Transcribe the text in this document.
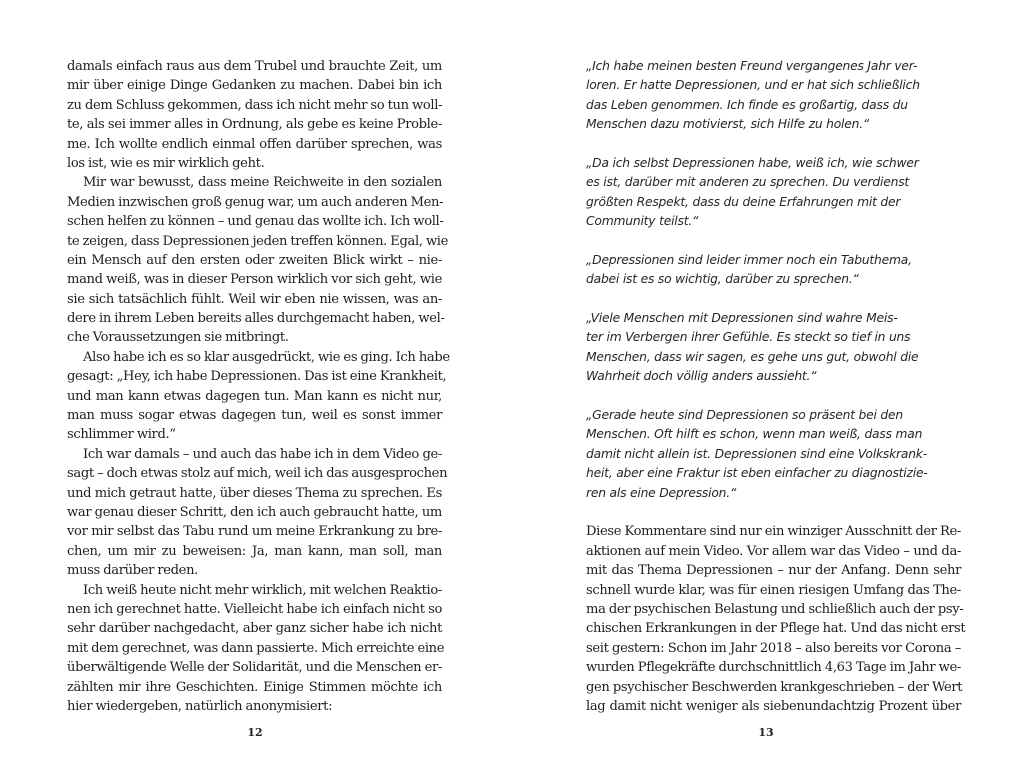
damals einfach raus aus dem Trubel und brauchte Zeit, um
mir über einige Dinge Gedanken zu machen. Dabei bin ich
zu dem Schluss gekommen, dass ich nicht mehr so tun woll-
te, als sei immer alles in Ordnung, als gebe es keine Proble-
me. Ich wollte endlich einmal offen darüber sprechen, was
los ist, wie es mir wirklich geht.
Mir war bewusst, dass meine Reichweite in den sozialen
Medien inzwischen groß genug war, um auch anderen Men-
schen helfen zu können – und genau das wollte ich. Ich woll-
te zeigen, dass Depressionen jeden treffen können. Egal, wie
ein Mensch auf den ersten oder zweiten Blick wirkt – nie-
mand weiß, was in dieser Person wirklich vor sich geht, wie
sie sich tatsächlich fühlt. Weil wir eben nie wissen, was an-
dere in ihrem Leben bereits alles durchgemacht haben, wel-
che Voraussetzungen sie mitbringt.
Also habe ich es so klar ausgedrückt, wie es ging. Ich habe
gesagt: „Hey, ich habe Depressionen. Das ist eine Krankheit,
und man kann etwas dagegen tun. Man kann es nicht nur,
man muss sogar etwas dagegen tun, weil es sonst immer
schlimmer wird.“
Ich war damals – und auch das habe ich in dem Video ge-
sagt – doch etwas stolz auf mich, weil ich das ausgesprochen
und mich getraut hatte, über dieses Thema zu sprechen. Es
war genau dieser Schritt, den ich auch gebraucht hatte, um
vor mir selbst das Tabu rund um meine Erkrankung zu bre-
chen, um mir zu beweisen: Ja, man kann, man soll, man
muss darüber reden.
Ich weiß heute nicht mehr wirklich, mit welchen Reaktio-
nen ich gerechnet hatte. Vielleicht habe ich einfach nicht so
sehr darüber nachgedacht, aber ganz sicher habe ich nicht
mit dem gerechnet, was dann passierte. Mich erreichte eine
überwältigende Welle der Solidarität, und die Menschen er-
zählten mir ihre Geschichten. Einige Stimmen möchte ich
hier wiedergeben, natürlich anonymisiert:
12
„Ich habe meinen besten Freund vergangenes Jahr ver-
loren. Er hatte Depressionen, und er hat sich schließlich
das Leben genommen. Ich finde es großartig, dass du
Menschen dazu motivierst, sich Hilfe zu holen.“
„Da ich selbst Depressionen habe, weiß ich, wie schwer
es ist, darüber mit anderen zu sprechen. Du verdienst
größten Respekt, dass du deine Erfahrungen mit der
Community teilst.“
„Depressionen sind leider immer noch ein Tabuthema,
dabei ist es so wichtig, darüber zu sprechen.“
„Viele Menschen mit Depressionen sind wahre Meis-
ter im Verbergen ihrer Gefühle. Es steckt so tief in uns
Menschen, dass wir sagen, es gehe uns gut, obwohl die
Wahrheit doch völlig anders aussieht.“
„Gerade heute sind Depressionen so präsent bei den
Menschen. Oft hilft es schon, wenn man weiß, dass man
damit nicht allein ist. Depressionen sind eine Volkskrank-
heit, aber eine Fraktur ist eben einfacher zu diagnostizie-
ren als eine Depression.“
Diese Kommentare sind nur ein winziger Ausschnitt der Re-
aktionen auf mein Video. Vor allem war das Video – und da-
mit das Thema Depressionen – nur der Anfang. Denn sehr
schnell wurde klar, was für einen riesigen Umfang das The-
ma der psychischen Belastung und schließlich auch der psy-
chischen Erkrankungen in der Pflege hat. Und das nicht erst
seit gestern: Schon im Jahr 2018 – also bereits vor Corona –
wurden Pflegekräfte durchschnittlich 4,63 Tage im Jahr we-
gen psychischer Beschwerden krankgeschrieben – der Wert
lag damit nicht weniger als siebenundachtzig Prozent über
13
